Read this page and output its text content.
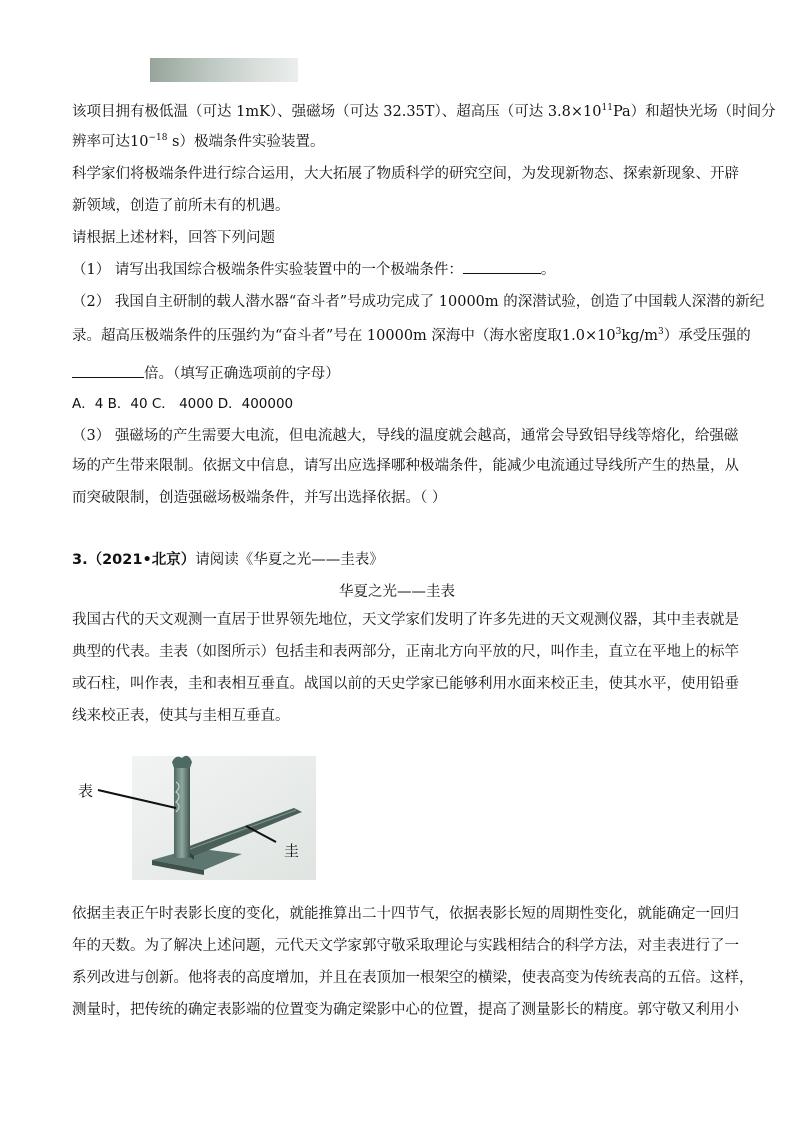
该项目拥有极低温（可达 1mK）、强磁场（可达 32.35T）、超高压（可达 $3.8\times 10^{11}Pa$）和超快光场（时间分
辨率可达$10^{-18}$ s）极端条件实验装置。
科学家们将极端条件进行综合运用，大大拓展了物质科学的研究空间，为发现新物态、探索新现象、开辟
新领域，创造了前所未有的机遇。
请根据上述材料，回答下列问题
（1） 请写出我国综合极端条件实验装置中的一个极端条件：	。
（2） 我国自主研制的载人潜水器“奋斗者”号成功完成了 10000m 的深潜试验，创造了中国载人深潜的新纪
录。超高压极端条件的压强约为“奋斗者”号在 10000m 深海中（海水密度取$1.0\times 10^3kg/m^3$）承受压强的
倍。（填写正确选项前的字母）
A．4 B．40 C． 4000 D．400000
（3） 强磁场的产生需要大电流，但电流越大，导线的温度就会越高，通常会导致铝导线等熔化，给强磁
场的产生带来限制。依据文中信息，请写出应选择哪种极端条件，能减少电流通过导线所产生的热量，从
而突破限制，创造强磁场极端条件，并写出选择依据。（ ）
3.（2021•北京）请阅读《华夏之光——圭表》
华夏之光——圭表
我国古代的天文观测一直居于世界领先地位，天文学家们发明了许多先进的天文观测仪器，其中圭表就是
典型的代表。圭表（如图所示）包括圭和表两部分，正南北方向平放的尺，叫作圭，直立在平地上的标竿
或石柱，叫作表，圭和表相互垂直。战国以前的天史学家已能够利用水面来校正圭，使其水平，使用铅垂
线来校正表，使其与圭相互垂直。
表
圭
依据圭表正午时表影长度的变化，就能推算出二十四节气，依据表影长短的周期性变化，就能确定一回归
年的天数。为了解决上述问题，元代天文学家郭守敬采取理论与实践相结合的科学方法，对圭表进行了一
系列改进与创新。他将表的高度增加，并且在表顶加一根架空的横梁，使表高变为传统表高的五倍。这样，
测量时，把传统的确定表影端的位置变为确定梁影中心的位置，提高了测量影长的精度。郭守敬又利用小
